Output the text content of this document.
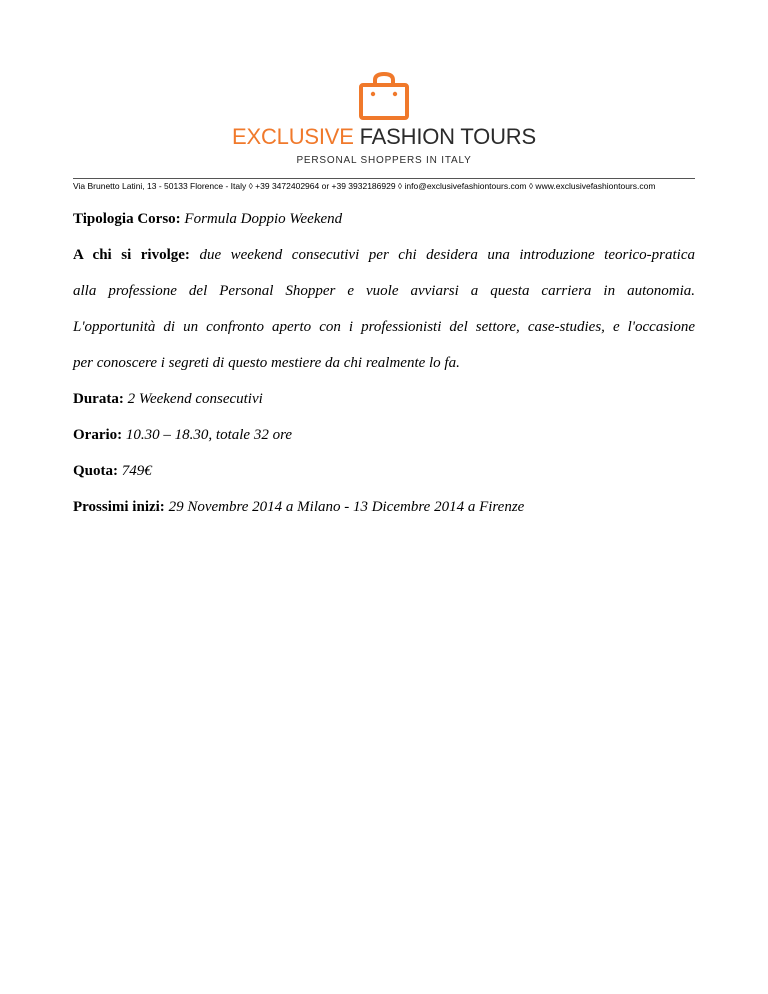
EXCLUSIVE FASHION TOURS
PERSONAL SHOPPERS IN ITALY
Via Brunetto Latini, 13 - 50133 Florence - Italy ◊ +39 3472402964 or +39 3932186929 ◊ info@exclusivefashiontours.com ◊ www.exclusivefashiontours.com

Tipologia Corso: Formula Doppio Weekend

A chi si rivolge: due weekend consecutivi per chi desidera una introduzione teorico-pratica

alla professione del Personal Shopper e vuole avviarsi a questa carriera in autonomia.

L'opportunità di un confronto aperto con i professionisti del settore, case-studies, e l'occasione

per conoscere i segreti di questo mestiere da chi realmente lo fa.

Durata: 2 Weekend consecutivi

Orario: 10.30 – 18.30, totale 32 ore

Quota: 749€

Prossimi inizi: 29 Novembre 2014 a Milano - 13 Dicembre 2014 a Firenze
